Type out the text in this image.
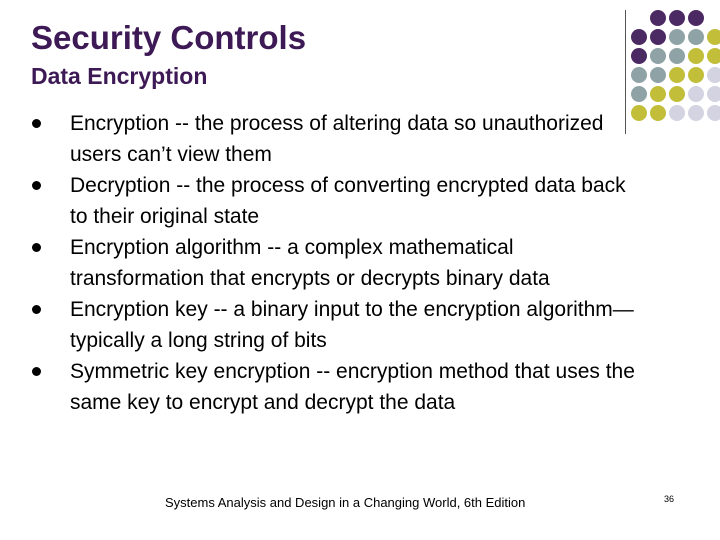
Security Controls
Data Encryption
Encryption -- the process of altering data so unauthorized users can’t view them
Decryption -- the process of converting encrypted data back to their original state
Encryption algorithm -- a complex mathematical transformation that encrypts or decrypts binary data
Encryption key -- a binary input to the encryption algorithm—typically a long string of bits
Symmetric key encryption -- encryption method that uses the same key to encrypt and decrypt the data
Systems Analysis and Design in a Changing World, 6th Edition	36
